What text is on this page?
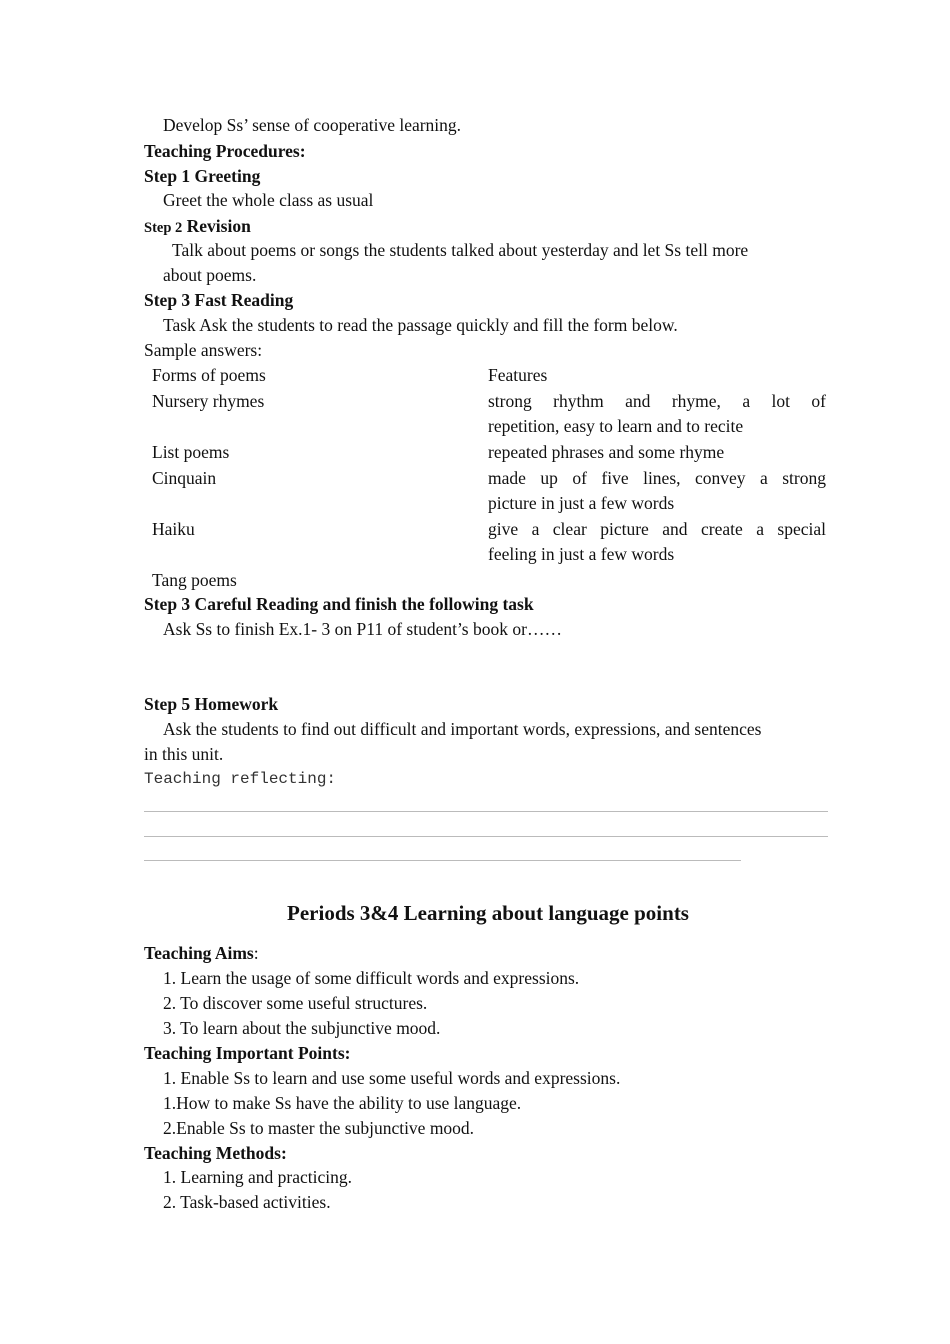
Develop Ss’ sense of cooperative learning.
Teaching Procedures:
Step 1 Greeting
Greet the whole class as usual
Step 2 Revision
Talk about poems or songs the students talked about yesterday and let Ss tell more
about poems.
Step 3 Fast Reading
Task Ask the students to read the passage quickly and fill the form below.
Sample answers:
Forms of poems	Features
Nursery rhymes	strong rhythm and rhyme, a lot of
repetition, easy to learn and to recite
List poems	repeated phrases and some rhyme
Cinquain	made up of five lines, convey a strong
picture in just a few words
Haiku	give a clear picture and create a special
feeling in just a few words
Tang poems
Step 3 Careful Reading and finish the following task
Ask Ss to finish Ex.1- 3 on P11 of student’s book or……
Step 5 Homework
Ask the students to find out difficult and important words, expressions, and sentences
in this unit.
Teaching reflecting:
Periods 3&4 Learning about language points
Teaching Aims:
1. Learn the usage of some difficult words and expressions.
2. To discover some useful structures.
3. To learn about the subjunctive mood.
Teaching Important Points:
1. Enable Ss to learn and use some useful words and expressions.
1.How to make Ss have the ability to use language.
2.Enable Ss to master the subjunctive mood.
Teaching Methods:
1. Learning and practicing.
2. Task-based activities.
